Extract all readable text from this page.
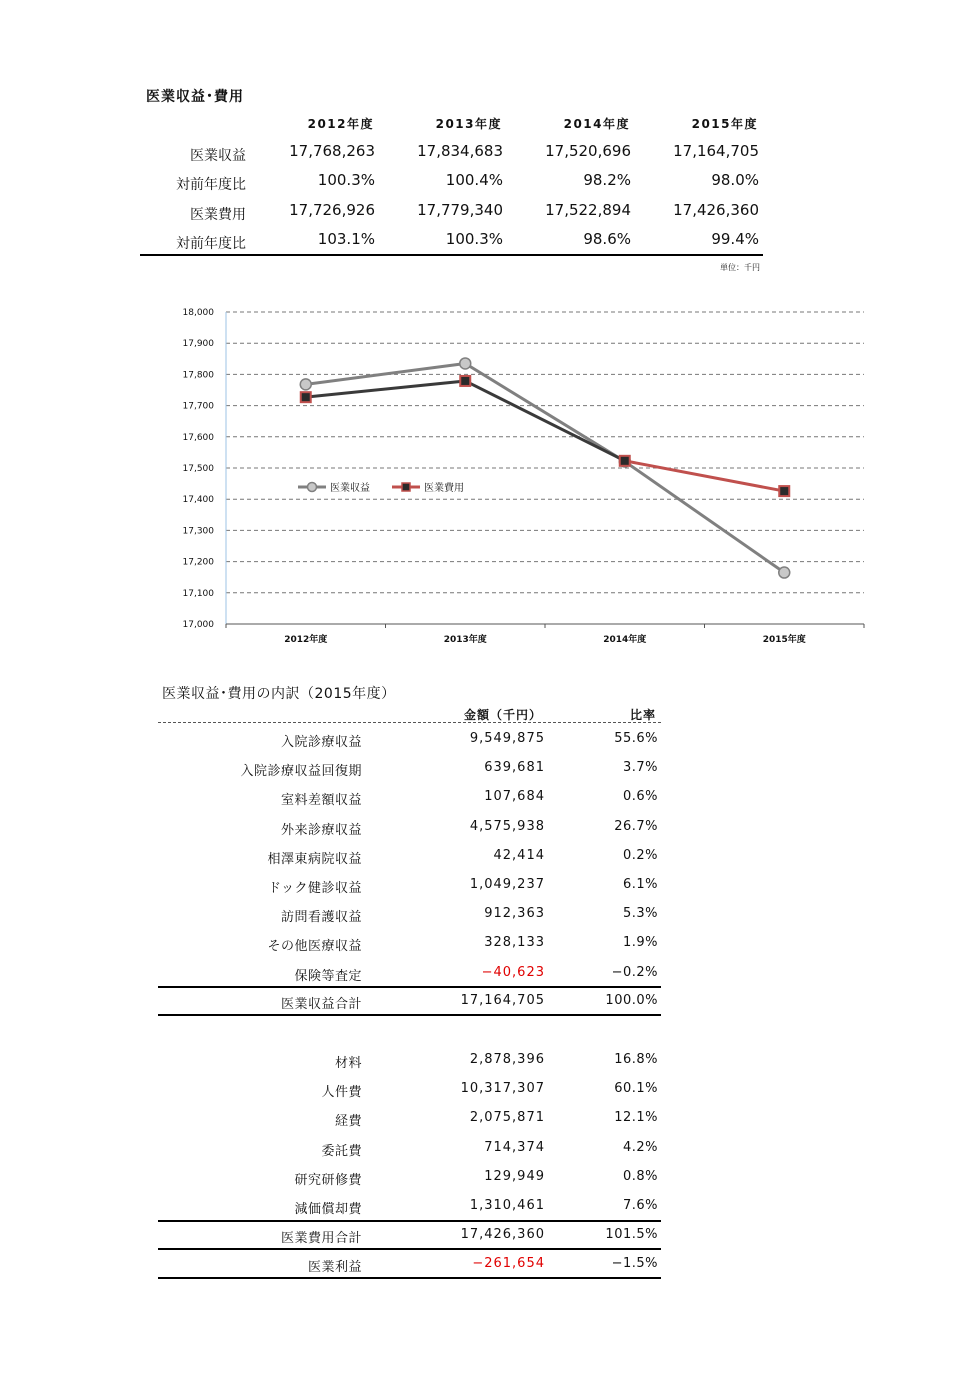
医業収益･費用
2012年度	2013年度	2014年度	2015年度
医業収益	17,768,263	17,834,683	17,520,696	17,164,705
対前年度比	100.3%	100.4%	98.2%	98.0%
医業費用	17,726,926	17,779,340	17,522,894	17,426,360
対前年度比	103.1%	100.3%	98.6%	99.4%
単位：千円
17,000
17,100
17,200
17,300
17,400
17,500
17,600
17,700
17,800
17,900
18,000
2012年度	2013年度	2014年度	2015年度
医業収益	医業費用
医業収益･費用の内訳（2015年度）
金額（千円）	比率
入院診療収益	9,549,875	55.6%
入院診療収益回復期	639,681	3.7%
室料差額収益	107,684	0.6%
外来診療収益	4,575,938	26.7%
相澤東病院収益	42,414	0.2%
ドック健診収益	1,049,237	6.1%
訪問看護収益	912,363	5.3%
その他医療収益	328,133	1.9%
保険等査定	−40,623	−0.2%
医業収益合計	17,164,705	100.0%
材料	2,878,396	16.8%
人件費	10,317,307	60.1%
経費	2,075,871	12.1%
委託費	714,374	4.2%
研究研修費	129,949	0.8%
減価償却費	1,310,461	7.6%
医業費用合計	17,426,360	101.5%
医業利益	−261,654	−1.5%
